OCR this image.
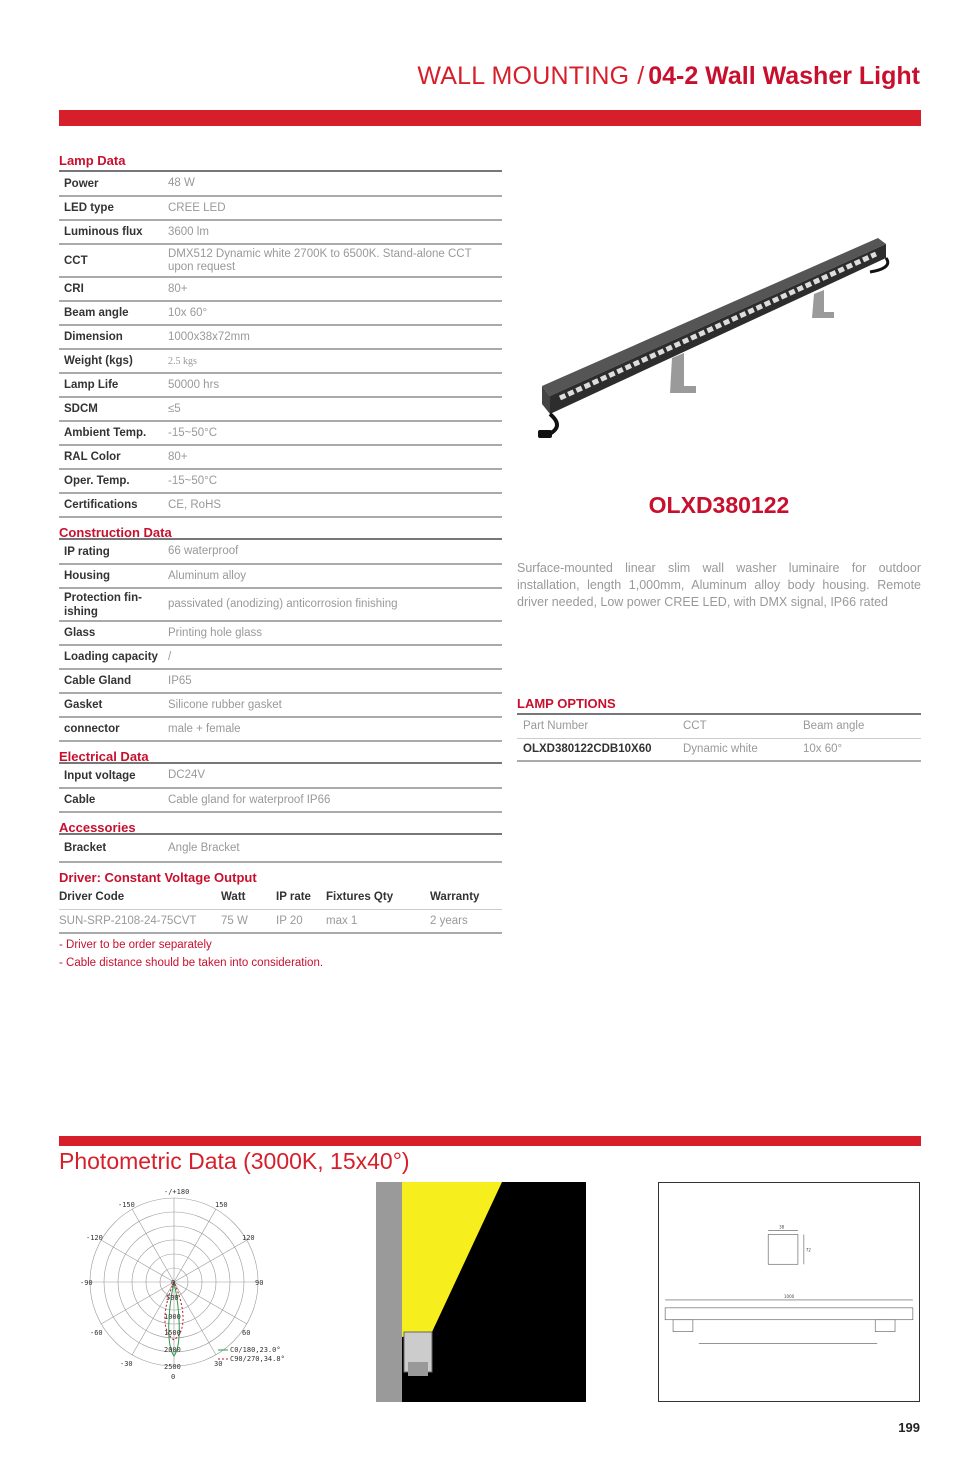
WALL MOUNTING / 04-2 Wall Washer Light
Lamp Data
Power	48 W
LED type	CREE LED
Luminous flux	3600 lm
CCT	DMX512 Dynamic white 2700K to 6500K. Stand-alone CCT upon request
CRI	80+
Beam angle	10x 60°
Dimension	1000x38x72mm
Weight (kgs)	2.5 kgs
Lamp Life	50000 hrs
SDCM	≤5
Ambient Temp.	-15~50°C
RAL Color	80+
Oper. Temp.	-15~50°C
Certifications	CE, RoHS
Construction Data
IP rating	66 waterproof
Housing	Aluminum alloy
Protection fin-ishing	passivated (anodizing) anticorrosion finishing
Glass	Printing hole glass
Loading capacity	/
Cable Gland	IP65
Gasket	Silicone rubber gasket
connector	male + female
Electrical Data
Input voltage	DC24V
Cable	Cable gland for waterproof IP66
Accessories
Bracket	Angle Bracket
Driver: Constant Voltage Output
Driver Code	Watt	IP rate	Fixtures Qty	Warranty
SUN-SRP-2108-24-75CVT	75 W	IP 20	max 1	2 years
- Driver to be order separately
- Cable distance should be taken into consideration.
OLXD380122
Surface-mounted linear slim wall washer luminaire for outdoor installation, length 1,000mm, Aluminum alloy body housing. Remote driver needed, Low power CREE LED, with DMX signal, IP66 rated
LAMP OPTIONS
Part Number	CCT	Beam angle
OLXD380122CDB10X60	Dynamic white	10x 60°
Photometric Data (3000K, 15x40°)
-/+180
150
-150
120
-120
90
-90
60
-60
30
-30
0
500
1000
1500
2000
2500
0
C0/180,23.0°
C90/270,34.8°
38
72
1000
199
